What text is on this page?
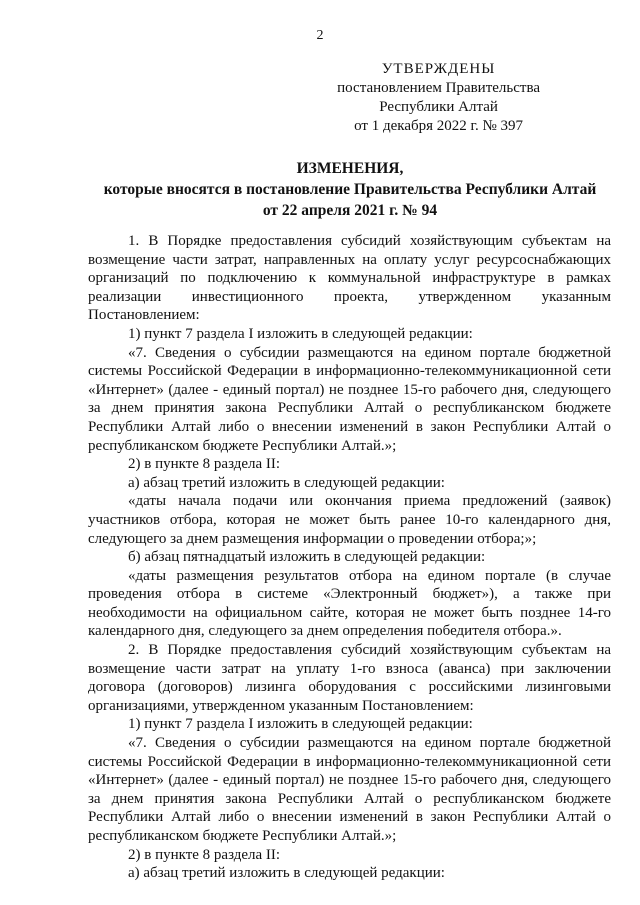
2
УТВЕРЖДЕНЫ
постановлением Правительства
Республики Алтай
от 1 декабря 2022 г. № 397
ИЗМЕНЕНИЯ,
которые вносятся в постановление Правительства Республики Алтай
от 22 апреля 2021 г. № 94

1. В Порядке предоставления субсидий хозяйствующим субъектам на возмещение части затрат, направленных на оплату услуг ресурсоснабжающих организаций по подключению к коммунальной инфраструктуре в рамках реализации инвестиционного проекта, утвержденном указанным Постановлением:

1) пункт 7 раздела I изложить в следующей редакции:

«7. Сведения о субсидии размещаются на едином портале бюджетной системы Российской Федерации в информационно-телекоммуникационной сети «Интернет» (далее - единый портал) не позднее 15-го рабочего дня, следующего за днем принятия закона Республики Алтай о республиканском бюджете Республики Алтай либо о внесении изменений в закон Республики Алтай о республиканском бюджете Республики Алтай.»;

2) в пункте 8 раздела II:

а) абзац третий изложить в следующей редакции:

«даты начала подачи или окончания приема предложений (заявок) участников отбора, которая не может быть ранее 10-го календарного дня, следующего за днем размещения информации о проведении отбора;»;

б) абзац пятнадцатый изложить в следующей редакции:

«даты размещения результатов отбора на едином портале (в случае проведения отбора в системе «Электронный бюджет»), а также при необходимости на официальном сайте, которая не может быть позднее 14-го календарного дня, следующего за днем определения победителя отбора.».

2. В Порядке предоставления субсидий хозяйствующим субъектам на возмещение части затрат на уплату 1-го взноса (аванса) при заключении договора (договоров) лизинга оборудования с российскими лизинговыми организациями, утвержденном указанным Постановлением:

1) пункт 7 раздела I изложить в следующей редакции:

«7. Сведения о субсидии размещаются на едином портале бюджетной системы Российской Федерации в информационно-телекоммуникационной сети «Интернет» (далее - единый портал) не позднее 15-го рабочего дня, следующего за днем принятия закона Республики Алтай о республиканском бюджете Республики Алтай либо о внесении изменений в закон Республики Алтай о республиканском бюджете Республики Алтай.»;

2) в пункте 8 раздела II:

а) абзац третий изложить в следующей редакции:
